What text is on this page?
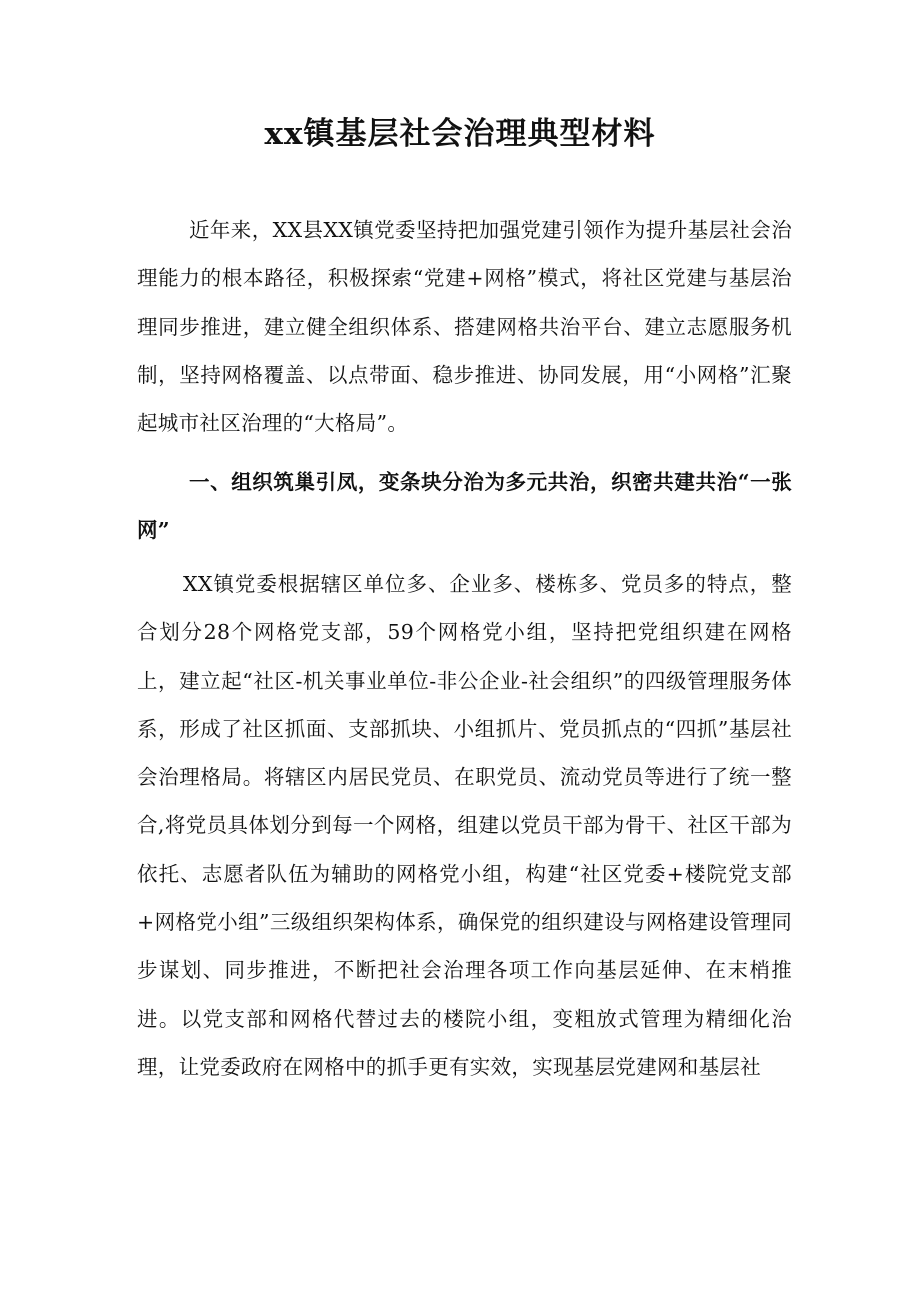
xx镇基层社会治理典型材料

近年来，XX县XX镇党委坚持把加强党建引领作为提升基层社会治理能力的根本路径，积极探索“党建+网格”模式，将社区党建与基层治理同步推进，建立健全组织体系、搭建网格共治平台、建立志愿服务机制，坚持网格覆盖、以点带面、稳步推进、协同发展，用“小网格”汇聚起城市社区治理的“大格局”。

一、组织筑巢引凤，变条块分治为多元共治，织密共建共治“一张网”

XX镇党委根据辖区单位多、企业多、楼栋多、党员多的特点，整合划分28个网格党支部，59个网格党小组，坚持把党组织建在网格上，建立起“社区-机关事业单位-非公企业-社会组织”的四级管理服务体系，形成了社区抓面、支部抓块、小组抓片、党员抓点的“四抓”基层社会治理格局。将辖区内居民党员、在职党员、流动党员等进行了统一整合,将党员具体划分到每一个网格，组建以党员干部为骨干、社区干部为依托、志愿者队伍为辅助的网格党小组，构建“社区党委+楼院党支部+网格党小组”三级组织架构体系，确保党的组织建设与网格建设管理同步谋划、同步推进，不断把社会治理各项工作向基层延伸、在末梢推进。以党支部和网格代替过去的楼院小组，变粗放式管理为精细化治理，让党委政府在网格中的抓手更有实效，实现基层党建网和基层社
